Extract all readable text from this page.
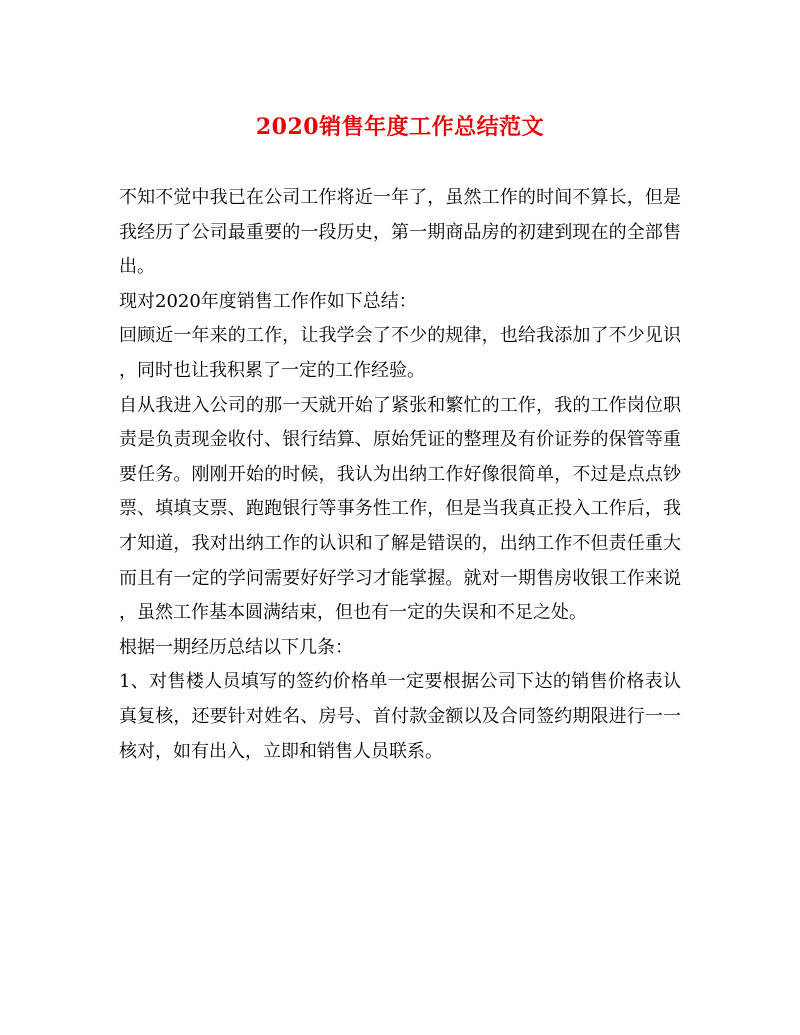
2020销售年度工作总结范文

不知不觉中我已在公司工作将近一年了，虽然工作的时间不算长，但是我经历了公司最重要的一段历史，第一期商品房的初建到现在的全部售出。

现对2020年度销售工作作如下总结：

回顾近一年来的工作，让我学会了不少的规律，也给我添加了不少见识，同时也让我积累了一定的工作经验。

自从我进入公司的那一天就开始了紧张和繁忙的工作，我的工作岗位职责是负责现金收付、银行结算、原始凭证的整理及有价证券的保管等重要任务。刚刚开始的时候，我认为出纳工作好像很简单，不过是点点钞票、填填支票、跑跑银行等事务性工作，但是当我真正投入工作后，我才知道，我对出纳工作的认识和了解是错误的，出纳工作不但责任重大而且有一定的学问需要好好学习才能掌握。就对一期售房收银工作来说，虽然工作基本圆满结束，但也有一定的失误和不足之处。

根据一期经历总结以下几条：

1、对售楼人员填写的签约价格单一定要根据公司下达的销售价格表认真复核，还要针对姓名、房号、首付款金额以及合同签约期限进行一一核对，如有出入，立即和销售人员联系。
